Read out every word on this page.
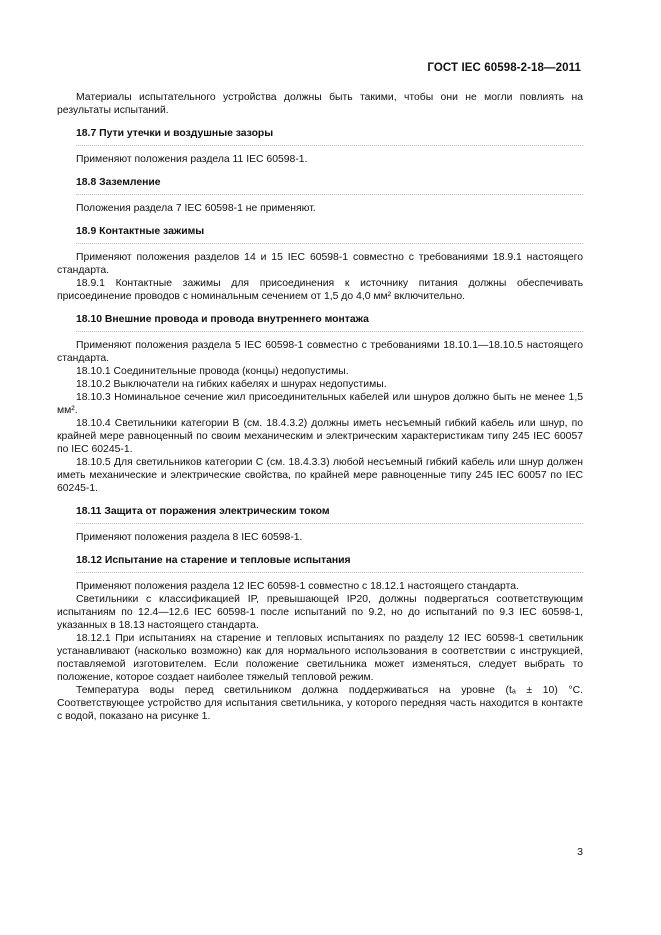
ГОСТ IEC 60598-2-18—2011

Материалы испытательного устройства должны быть такими, чтобы они не могли повлиять на результаты испытаний.

18.7 Пути утечки и воздушные зазоры

Применяют положения раздела 11 IEC 60598-1.

18.8 Заземление

Положения раздела 7 IEC 60598-1 не применяют.

18.9 Контактные зажимы

Применяют положения разделов 14 и 15 IEC 60598-1 совместно с требованиями 18.9.1 настоящего стандарта.

18.9.1 Контактные зажимы для присоединения к источнику питания должны обеспечивать присоединение проводов с номинальным сечением от 1,5 до 4,0 мм² включительно.

18.10 Внешние провода и провода внутреннего монтажа

Применяют положения раздела 5 IEC 60598-1 совместно с требованиями 18.10.1—18.10.5 настоящего стандарта.

18.10.1 Соединительные провода (концы) недопустимы.

18.10.2 Выключатели на гибких кабелях и шнурах недопустимы.

18.10.3 Номинальное сечение жил присоединительных кабелей или шнуров должно быть не менее 1,5 мм².

18.10.4 Светильники категории В (см. 18.4.3.2) должны иметь несъемный гибкий кабель или шнур, по крайней мере равноценный по своим механическим и электрическим характеристикам типу 245 IEC 60057 по IEC 60245-1.

18.10.5 Для светильников категории С (см. 18.4.3.3) любой несъемный гибкий кабель или шнур должен иметь механические и электрические свойства, по крайней мере равноценные типу 245 IEC 60057 по IEC 60245-1.

18.11 Защита от поражения электрическим током

Применяют положения раздела 8 IEC 60598-1.

18.12 Испытание на старение и тепловые испытания

Применяют положения раздела 12 IEC 60598-1 совместно с 18.12.1 настоящего стандарта.

Светильники с классификацией IP, превышающей IP20, должны подвергаться соответствующим испытаниям по 12.4—12.6 IEC 60598-1 после испытаний по 9.2, но до испытаний по 9.3 IEC 60598-1, указанных в 18.13 настоящего стандарта.

18.12.1 При испытаниях на старение и тепловых испытаниях по разделу 12 IEC 60598-1 светильник устанавливают (насколько возможно) как для нормального использования в соответствии с инструкцией, поставляемой изготовителем. Если положение светильника может изменяться, следует выбрать то положение, которое создает наиболее тяжелый тепловой режим.

Температура воды перед светильником должна поддерживаться на уровне (tₐ ± 10) °С. Соответствующее устройство для испытания светильника, у которого передняя часть находится в контакте с водой, показано на рисунке 1.

3
